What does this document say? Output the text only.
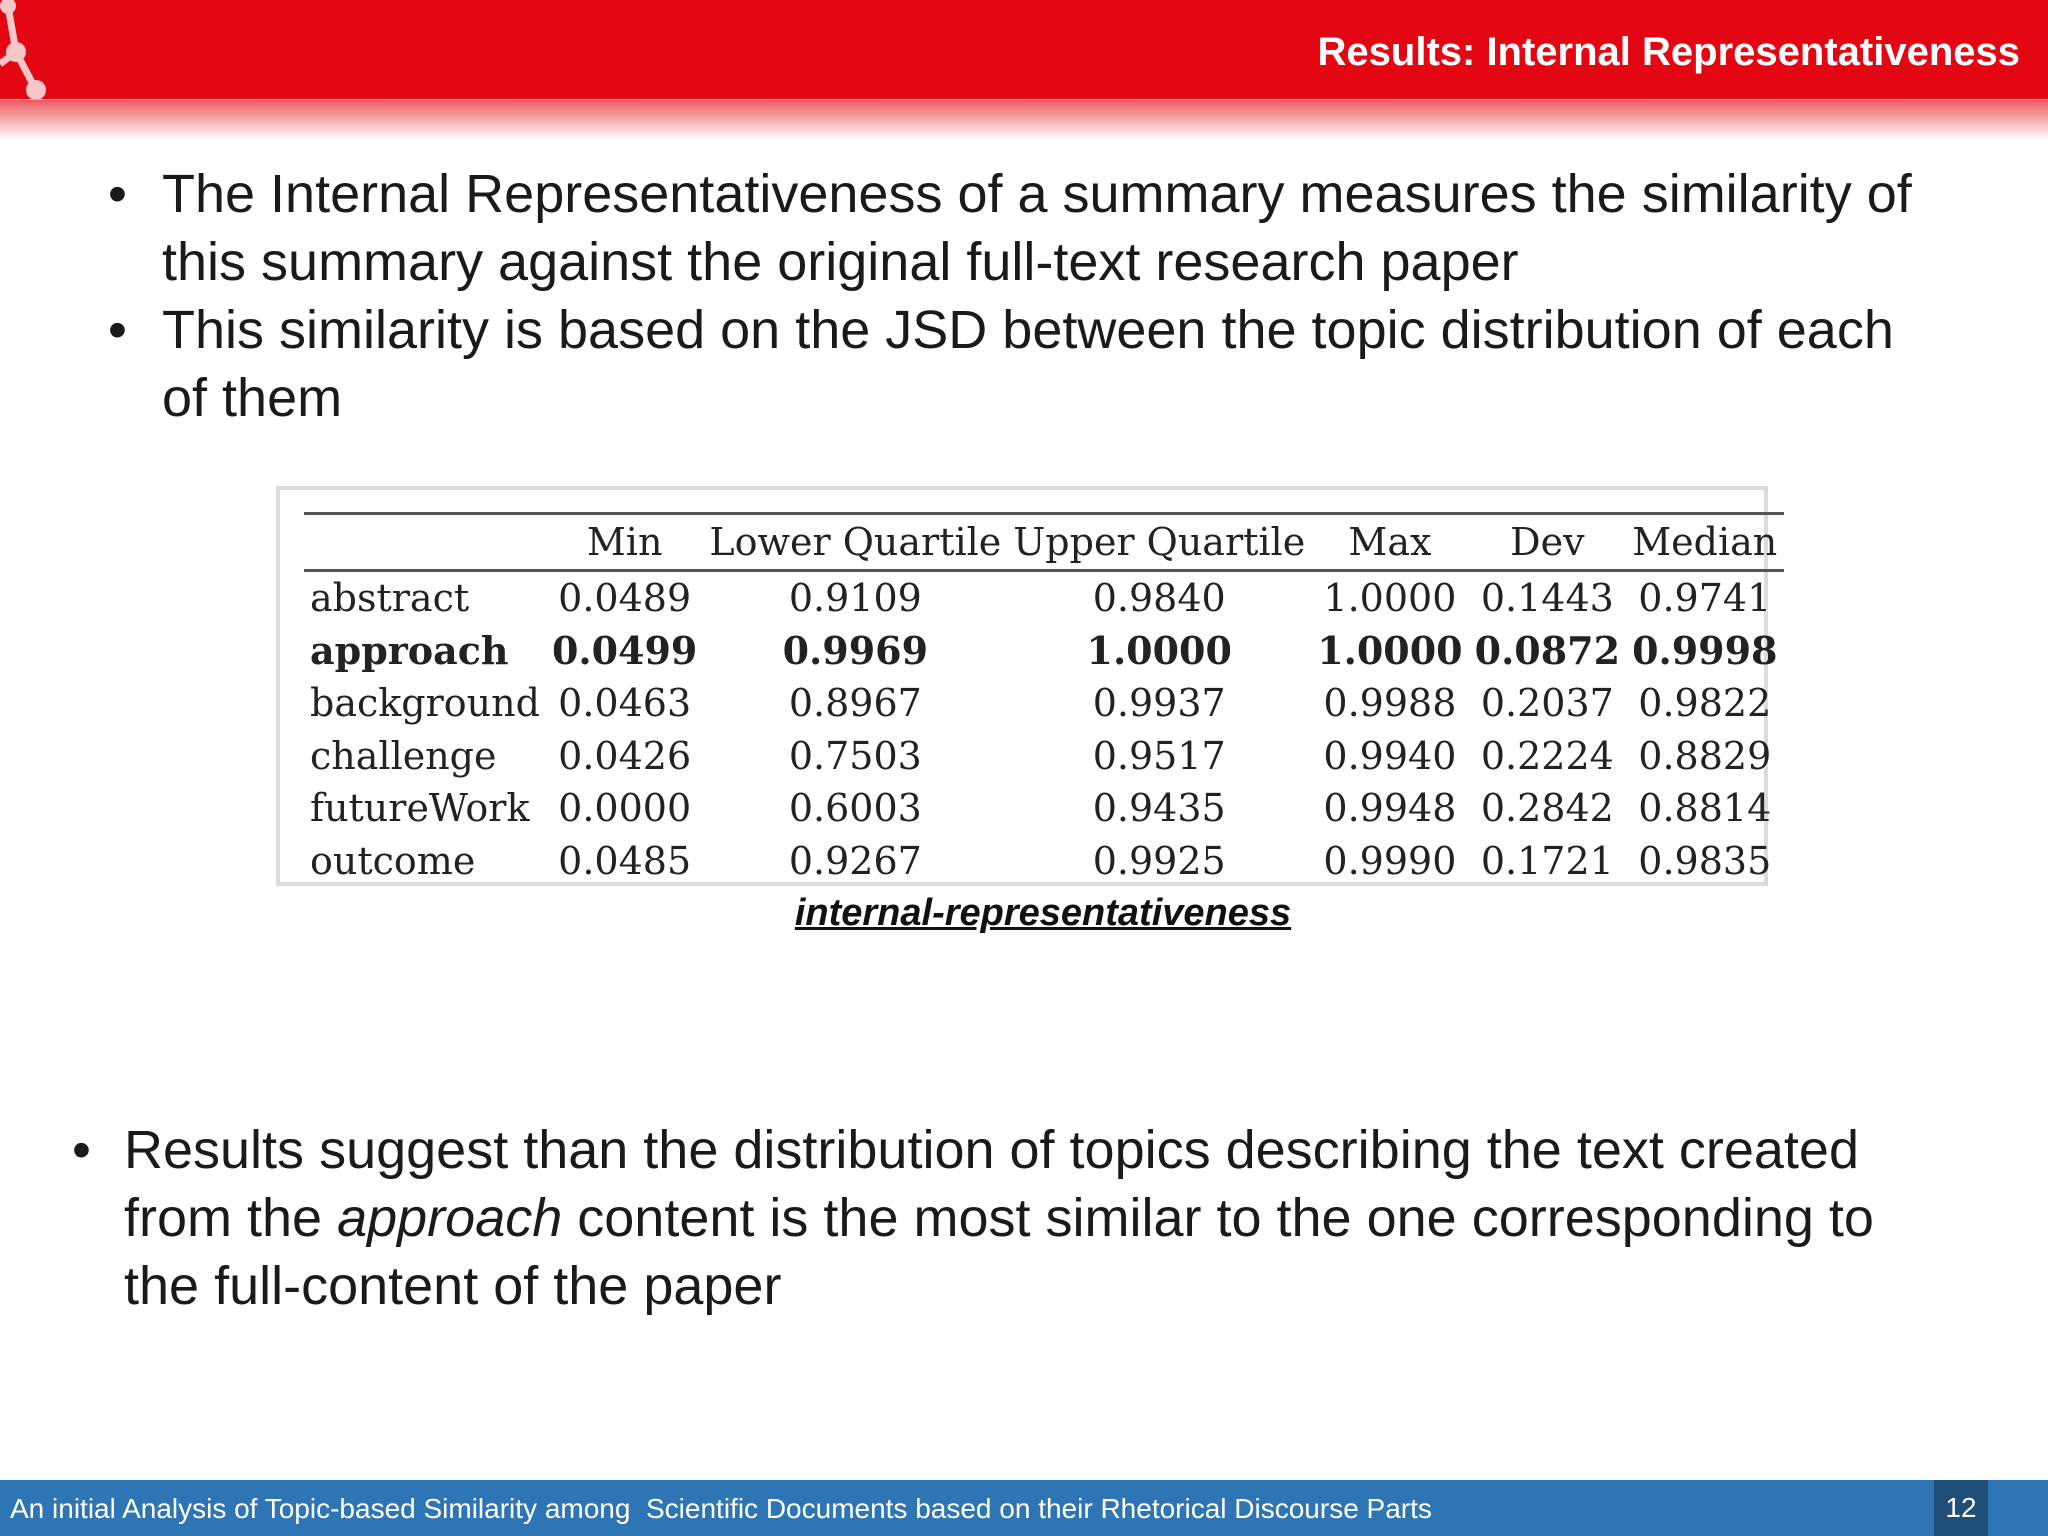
Results: Internal Representativeness
• The Internal Representativeness of a summary measures the similarity of
this summary against the original full-text research paper
• This similarity is based on the JSD between the topic distribution of each
of them
	Min	Lower Quartile	Upper Quartile	Max	Dev	Median
abstract	0.0489	0.9109	0.9840	1.0000	0.1443	0.9741
approach	0.0499	0.9969	1.0000	1.0000	0.0872	0.9998
background	0.0463	0.8967	0.9937	0.9988	0.2037	0.9822
challenge	0.0426	0.7503	0.9517	0.9940	0.2224	0.8829
futureWork	0.0000	0.6003	0.9435	0.9948	0.2842	0.8814
outcome	0.0485	0.9267	0.9925	0.9990	0.1721	0.9835
internal-representativeness
• Results suggest than the distribution of topics describing the text created
from the approach content is the most similar to the one corresponding to
the full-content of the paper
An initial Analysis of Topic-based Similarity among  Scientific Documents based on their Rhetorical Discourse Parts	12
